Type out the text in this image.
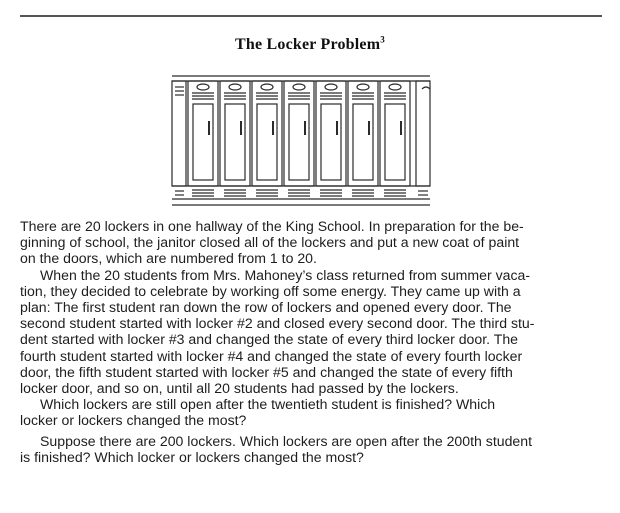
The Locker Problem$^3$

There are 20 lockers in one hallway of the King School. In preparation for the be-
ginning of school, the janitor closed all of the lockers and put a new coat of paint
on the doors, which are numbered from 1 to 20.

When the 20 students from Mrs. Mahoney’s class returned from summer vaca-
tion, they decided to celebrate by working off some energy. They came up with a
plan: The first student ran down the row of lockers and opened every door. The
second student started with locker #2 and closed every second door. The third stu-
dent started with locker #3 and changed the state of every third locker door. The
fourth student started with locker #4 and changed the state of every fourth locker
door, the fifth student started with locker #5 and changed the state of every fifth
locker door, and so on, until all 20 students had passed by the lockers.

Which lockers are still open after the twentieth student is finished? Which
locker or lockers changed the most?

Suppose there are 200 lockers. Which lockers are open after the 200th student
is finished? Which locker or lockers changed the most?
